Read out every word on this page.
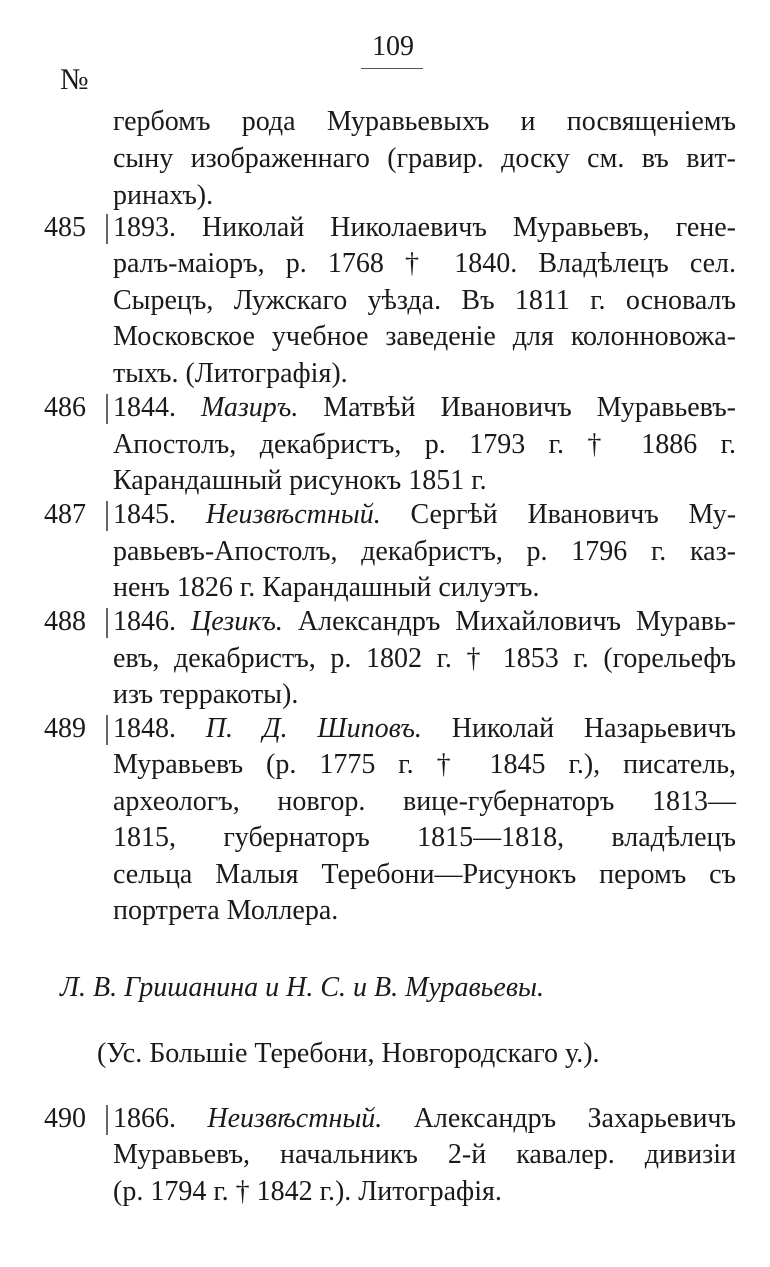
109
№
гербомъ рода Муравьевыхъ и посвященіемъ
сыну изображеннаго (гравир. доску см. въ вит-
ринахъ).
485 1893. Николай Николаевичъ Муравьевъ, гене-
ралъ-маіоръ, р. 1768 † 1840. Владѣлецъ сел.
Сырецъ, Лужскаго уѣзда. Въ 1811 г. основалъ
Московское учебное заведеніе для колонновожа-
тыхъ. (Литографія).
486 1844. Мазиръ. Матвѣй Ивановичъ Муравьевъ-
Апостолъ, декабристъ, р. 1793 г. † 1886 г.
Карандашный рисунокъ 1851 г.
487 1845. Неизвѣстный. Сергѣй Ивановичъ Му-
равьевъ-Апостолъ, декабристъ, р. 1796 г. каз-
ненъ 1826 г. Карандашный силуэтъ.
488 1846. Цезикъ. Александръ Михайловичъ Муравь-
евъ, декабристъ, р. 1802 г. † 1853 г. (горельефъ
изъ терракоты).
489 1848. П. Д. Шиповъ. Николай Назарьевичъ
Муравьевъ (р. 1775 г. † 1845 г.), писатель,
археологъ, новгор. вице-губернаторъ 1813—
1815, губернаторъ 1815—1818, владѣлецъ
сельца Малыя Теребони—Рисунокъ перомъ съ
портрета Моллера.
Л. В. Гришанина и Н. С. и В. Муравьевы.
(Ус. Большіе Теребони, Новгородскаго у.).
490 1866. Неизвѣстный. Александръ Захарьевичъ
Муравьевъ, начальникъ 2-й кавалер. дивизіи
(р. 1794 г. † 1842 г.). Литографія.
